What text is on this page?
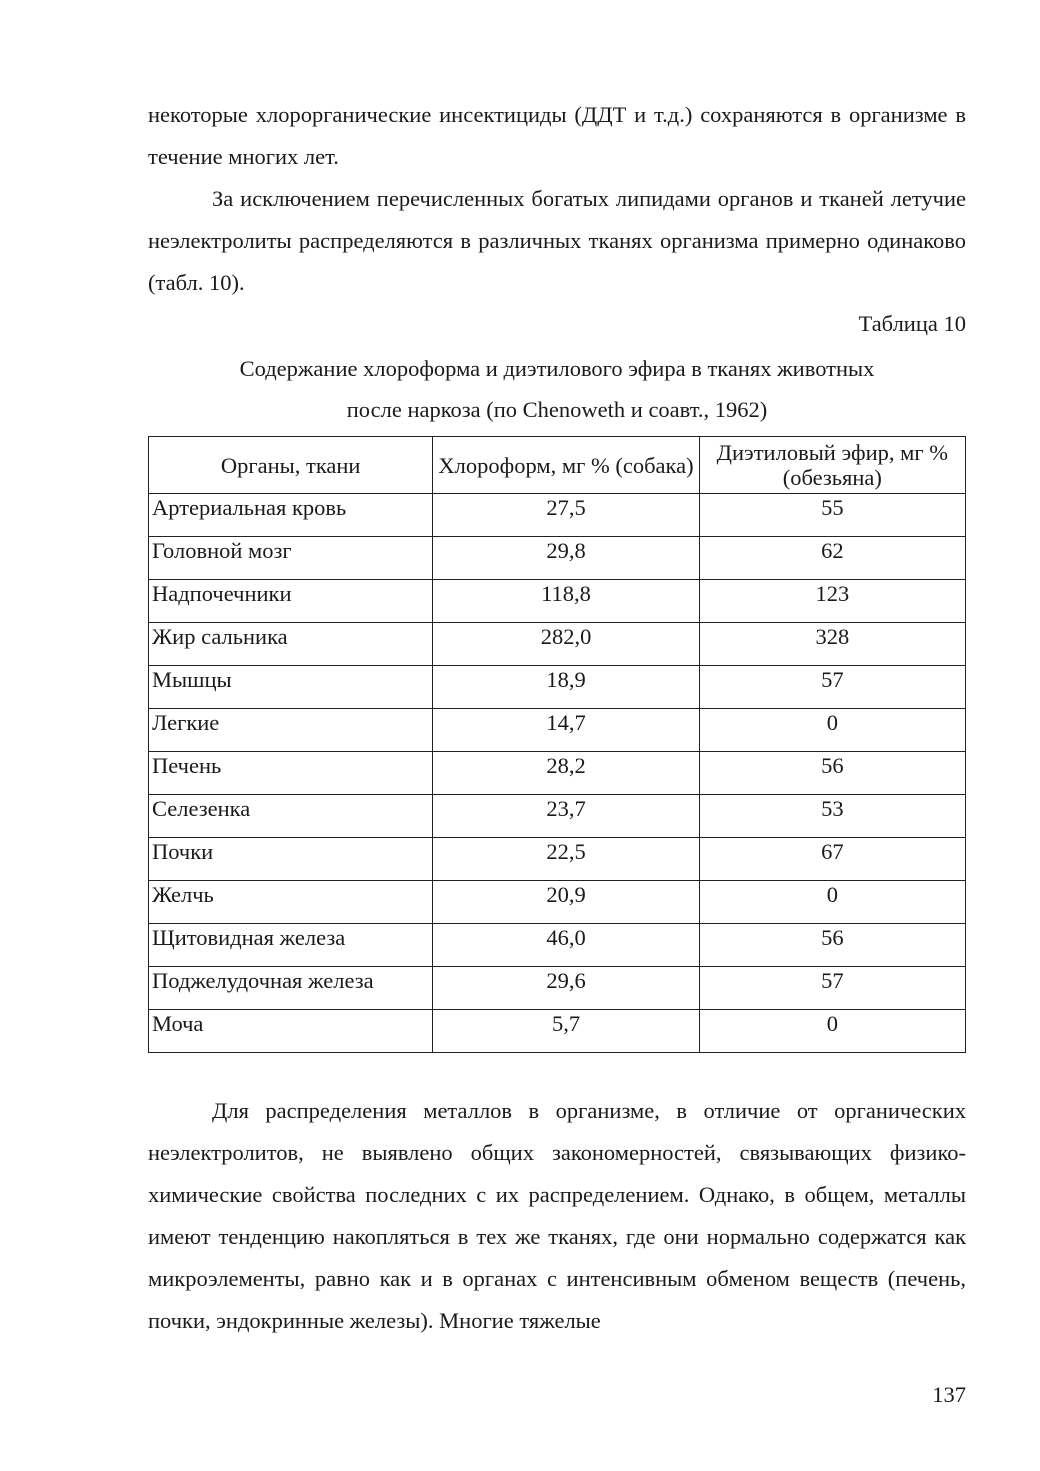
некоторые хлорорганические инсектициды (ДДТ и т.д.) сохраняются в организме в течение многих лет.

За исключением перечисленных богатых липидами органов и тканей летучие неэлектролиты распределяются в различных тканях организма примерно одинаково (табл. 10).

Таблица 10
Содержание хлороформа и диэтилового эфира в тканях животных
после наркоза (по Chenoweth и соавт., 1962)
Органы, ткани	Хлороформ, мг % (собака)	Диэтиловый эфир, мг % (обезьяна)
Артериальная кровь	27,5	55
Головной мозг	29,8	62
Надпочечники	118,8	123
Жир сальника	282,0	328
Мышцы	18,9	57
Легкие	14,7	0
Печень	28,2	56
Селезенка	23,7	53
Почки	22,5	67
Желчь	20,9	0
Щитовидная железа	46,0	56
Поджелудочная железа	29,6	57
Моча	5,7	0

Для распределения металлов в организме, в отличие от органических неэлектролитов, не выявлено общих закономерностей, связывающих физико-химические свойства последних с их распределением. Однако, в общем, металлы имеют тенденцию накопляться в тех же тканях, где они нормально содержатся как микроэлементы, равно как и в органах с интенсивным обменом веществ (печень, почки, эндокринные железы). Многие тяжелые

137
